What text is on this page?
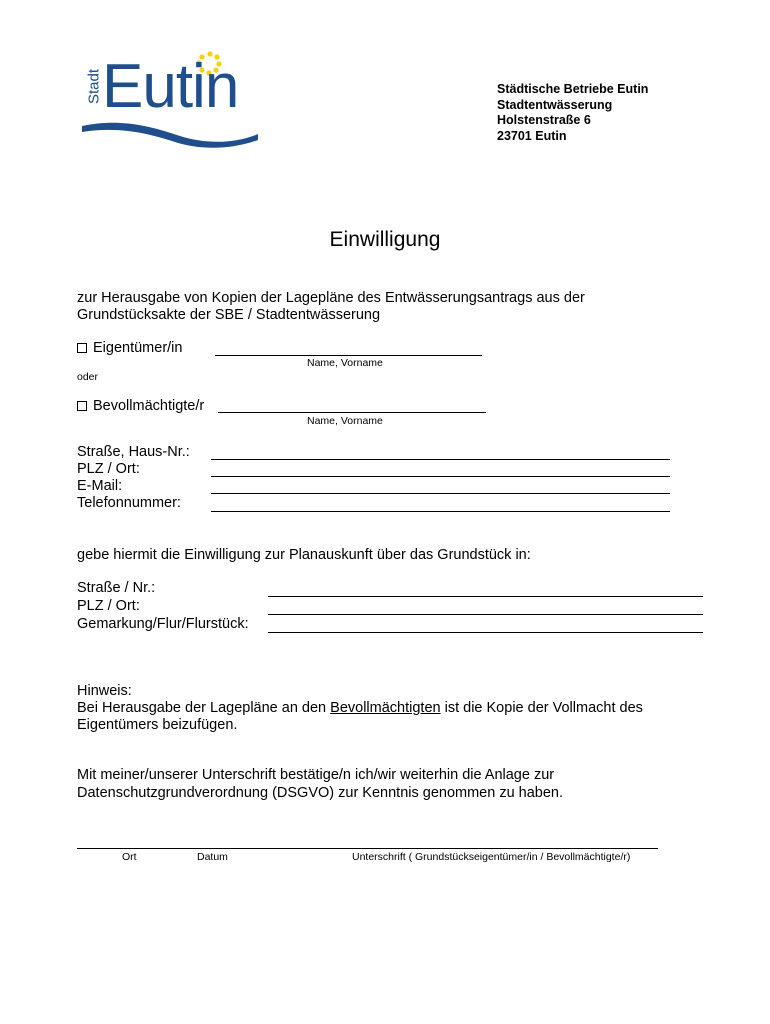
Stadt Eutin	Städtische Betriebe Eutin
Stadtentwässerung
Holstenstraße 6
23701 Eutin
Einwilligung
zur Herausgabe von Kopien der Lagepläne des Entwässerungsantrags aus der
Grundstücksakte der SBE / Stadtentwässerung
Eigentümer/in
Name, Vorname
oder
Bevollmächtigte/r
Name, Vorname
Straße, Haus-Nr.:
PLZ / Ort:
E-Mail:
Telefonnummer:
gebe hiermit die Einwilligung zur Planauskunft über das Grundstück in:
Straße / Nr.:
PLZ / Ort:
Gemarkung/Flur/Flurstück:
Hinweis:
Bei Herausgabe der Lagepläne an den Bevollmächtigten ist die Kopie der Vollmacht des
Eigentümers beizufügen.
Mit meiner/unserer Unterschrift bestätige/n ich/wir weiterhin die Anlage zur
Datenschutzgrundverordnung (DSGVO) zur Kenntnis genommen zu haben.
Ort	Datum	Unterschrift ( Grundstückseigentümer/in / Bevollmächtigte/r)
